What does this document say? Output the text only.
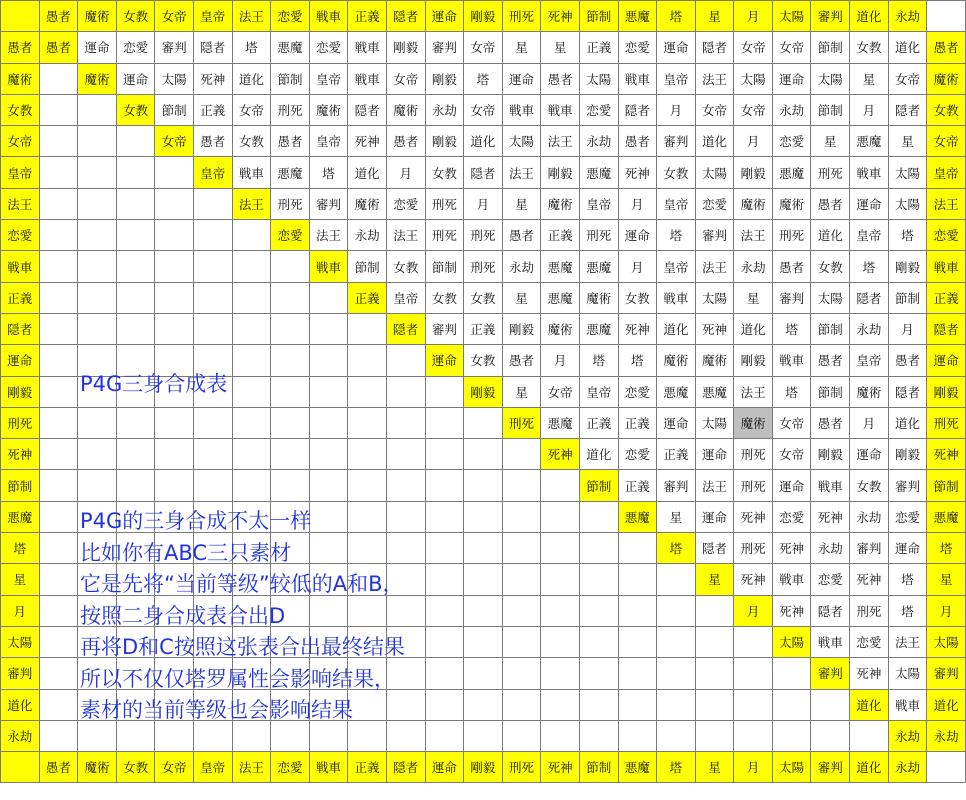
	愚者	魔術	女教	女帝	皇帝	法王	恋愛	戦車	正義	隠者	運命	剛毅	刑死	死神	節制	悪魔	塔	星	月	太陽	審判	道化	永劫	
愚者	愚者	運命	恋愛	審判	隠者	塔	悪魔	恋愛	戦車	剛毅	審判	女帝	星	星	正義	恋愛	運命	隠者	女帝	女帝	節制	女教	道化	愚者
魔術		魔術	運命	太陽	死神	道化	節制	皇帝	戦車	女帝	剛毅	塔	運命	愚者	太陽	戦車	皇帝	法王	太陽	運命	太陽	星	女帝	魔術
女教			女教	節制	正義	女帝	刑死	魔術	隠者	魔術	永劫	女帝	戦車	戦車	恋愛	隠者	月	女帝	女帝	永劫	節制	月	隠者	女教
女帝				女帝	愚者	女教	愚者	皇帝	死神	愚者	剛毅	道化	太陽	法王	永劫	愚者	審判	道化	月	恋愛	星	悪魔	星	女帝
皇帝					皇帝	戦車	悪魔	塔	道化	月	女教	隠者	法王	剛毅	悪魔	死神	女教	太陽	剛毅	悪魔	刑死	戦車	太陽	皇帝
法王						法王	刑死	審判	魔術	恋愛	刑死	月	星	魔術	皇帝	月	皇帝	恋愛	魔術	魔術	愚者	運命	太陽	法王
恋愛							恋愛	法王	永劫	法王	刑死	刑死	愚者	正義	刑死	運命	塔	審判	法王	刑死	道化	皇帝	塔	恋愛
戦車								戦車	節制	女教	節制	刑死	永劫	悪魔	悪魔	月	皇帝	法王	永劫	愚者	女教	塔	剛毅	戦車
正義									正義	皇帝	女教	女教	星	悪魔	魔術	女教	戦車	太陽	星	審判	太陽	隠者	節制	正義
隠者										隠者	審判	正義	剛毅	魔術	悪魔	死神	道化	死神	道化	塔	節制	永劫	月	隠者
運命											運命	女教	愚者	月	塔	塔	魔術	魔術	剛毅	戦車	愚者	皇帝	愚者	運命
剛毅												剛毅	星	女帝	皇帝	恋愛	悪魔	悪魔	法王	塔	節制	魔術	隠者	剛毅
刑死													刑死	悪魔	正義	正義	運命	太陽	魔術	女帝	愚者	月	道化	刑死
死神														死神	道化	恋愛	正義	運命	刑死	女帝	剛毅	運命	剛毅	死神
節制															節制	正義	審判	法王	刑死	運命	戦車	女教	審判	節制
悪魔																悪魔	星	運命	死神	恋愛	死神	永劫	恋愛	悪魔
塔																	塔	隠者	刑死	死神	永劫	審判	運命	塔
星																		星	死神	戦車	恋愛	死神	塔	星
月																			月	死神	隠者	刑死	塔	月
太陽																				太陽	戦車	恋愛	法王	太陽
審判																					審判	死神	太陽	審判
道化																						道化	戦車	道化
永劫																							永劫	永劫
	愚者	魔術	女教	女帝	皇帝	法王	恋愛	戦車	正義	隠者	運命	剛毅	刑死	死神	節制	悪魔	塔	星	月	太陽	審判	道化	永劫	
P4G三身合成表
P4G的三身合成不太一样
比如你有ABC三只素材
它是先将“当前等级”较低的A和B，
按照二身合成表合出D
再将D和C按照这张表合出最终结果
所以不仅仅塔罗属性会影响结果，
素材的当前等级也会影响结果
